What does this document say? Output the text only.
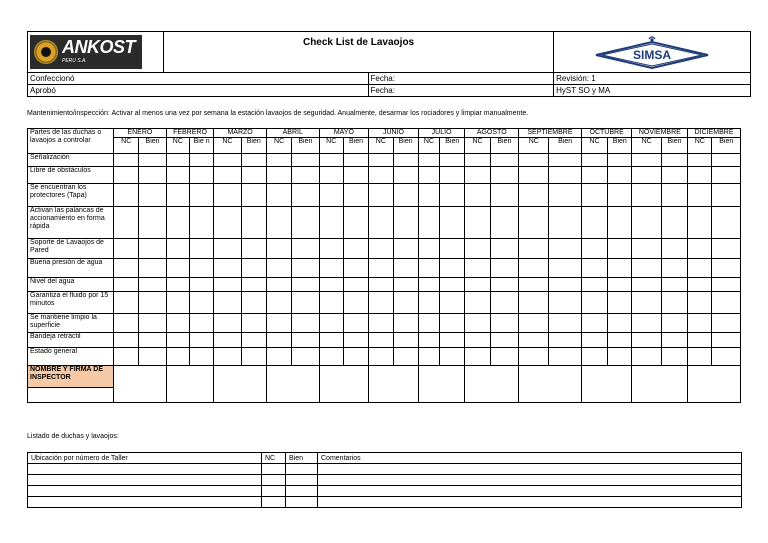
ANKOST
PERU S.A.	Check List de Lavaojos		SIMSA

Confeccionó		Fecha:	Revisión: 1
Aprobó		Fecha:	HyST SO y MA
Mantenimiento/inspección: Activar al menos una vez por semana la estación lavaojos de seguridad. Anualmente, desarmar los rociadores y limpiar manualmente.
Partes de las duchas o lavaojos a controlar	ENERO		FEBRERO		MARZO		ABRIL		MAYO		JUNIO		JULIO		AGOSTO		SEPTIEMBRE		OCTUBRE		NOVIEMBRE		DICIEMBRE	
	NC	Bien	NC	Bie n	NC	Bien	NC	Bien	NC	Bien	NC	Bien	NC	Bien	NC	Bien	NC	Bien	NC	Bien	NC	Bien	NC	Bien
Señalización																								
Libre de obstáculos																								
Se encuentran los protectores (Tapa)																								
Activan las palancas de accionamiento en forma rápida																								
Soporte de Lavaojos de Pared																								
Buena presión de agua																								
Nivel del agua																								
Garantiza el fluido por 15 minutos																								
Se mantiene limpio la superficie																								
Bandeja retráctil																								
Estado general																								
NOMBRE Y FIRMA DE INSPECTOR																								

Listado de duchas y lavaojos:
Ubicación por número de Taller	NC	Bien	Comentarios
